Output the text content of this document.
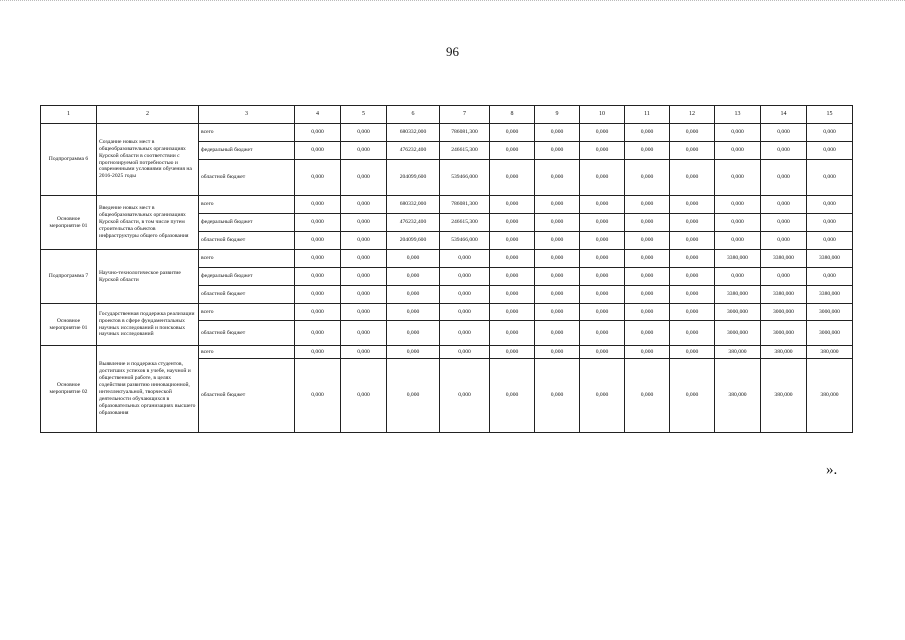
96
1	2	3	4	5	6	7	8	9	10	11	12	13	14	15
Подпрограмма 6	Создание новых мест в общеобразовательных организациях Курской области в соответствии с прогнозируемой потребностью и современными условиями обучения на 2016-2025 годы	всего	0,000	0,000	680332,000	786081,300	0,000	0,000	0,000	0,000	0,000	0,000	0,000	0,000
		федеральный бюджет	0,000	0,000	476232,400	246615,300	0,000	0,000	0,000	0,000	0,000	0,000	0,000	0,000
		областной бюджет	0,000	0,000	204099,600	539466,000	0,000	0,000	0,000	0,000	0,000	0,000	0,000	0,000
Основное мероприятие 01	Введение новых мест в общеобразовательных организациях Курской области, в том числе путем строительства объектов инфраструктуры общего образования	всего	0,000	0,000	680332,000	786081,300	0,000	0,000	0,000	0,000	0,000	0,000	0,000	0,000
		федеральный бюджет	0,000	0,000	476232,400	246615,300	0,000	0,000	0,000	0,000	0,000	0,000	0,000	0,000
		областной бюджет	0,000	0,000	204099,600	539466,000	0,000	0,000	0,000	0,000	0,000	0,000	0,000	0,000
Подпрограмма 7	Научно-технологическое развитие Курской области	всего	0,000	0,000	0,000	0,000	0,000	0,000	0,000	0,000	0,000	3380,000	3380,000	3380,000
		федеральный бюджет	0,000	0,000	0,000	0,000	0,000	0,000	0,000	0,000	0,000	0,000	0,000	0,000
		областной бюджет	0,000	0,000	0,000	0,000	0,000	0,000	0,000	0,000	0,000	3380,000	3380,000	3380,000
Основное мероприятие 01	Государственная поддержка реализации проектов в сфере фундаментальных научных исследований и поисковых научных исследований	всего	0,000	0,000	0,000	0,000	0,000	0,000	0,000	0,000	0,000	3000,000	3000,000	3000,000
		областной бюджет	0,000	0,000	0,000	0,000	0,000	0,000	0,000	0,000	0,000	3000,000	3000,000	3000,000
Основное мероприятие 02	Выявление и поддержка студентов, достигших успехов в учебе, научной и общественной работе, в целях содействия развитию инновационной, интеллектуальной, творческой деятельности обучающихся в образовательных организациях высшего образования	всего	0,000	0,000	0,000	0,000	0,000	0,000	0,000	0,000	0,000	380,000	380,000	380,000
		областной бюджет	0,000	0,000	0,000	0,000	0,000	0,000	0,000	0,000	0,000	380,000	380,000	380,000
».
